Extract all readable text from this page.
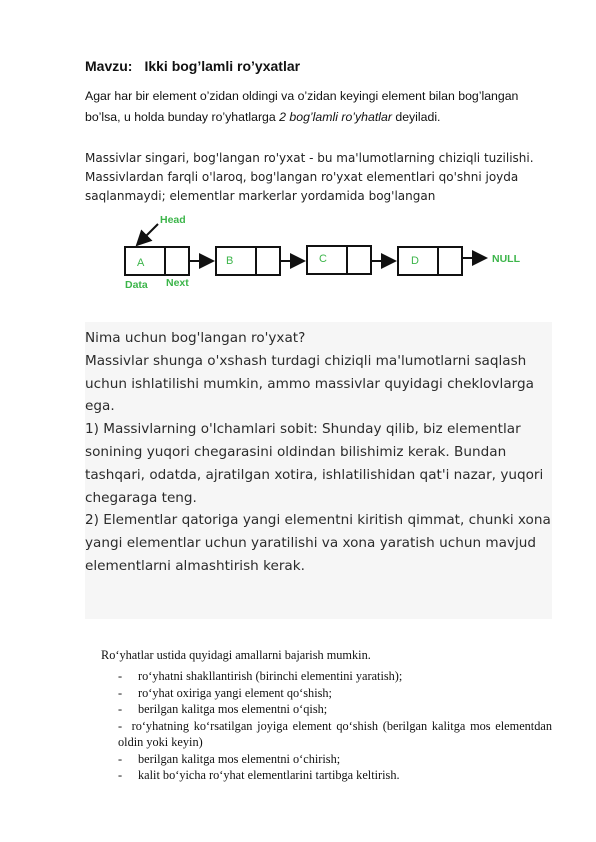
Mavzu: Ikki bog’lamli ro’yxatlar
Agar har bir element o’zidan oldingi va o’zidan keyingi element bilan bog’langan bo’lsa, u holda bunday ro’yhatlarga 2 bog’lamli ro’yhatlar deyiladi.
Massivlar singari, bog'langan ro'yxat - bu ma'lumotlarning chiziqli tuzilishi. Massivlardan farqli o'laroq, bog'langan ro'yxat elementlari qo'shni joyda saqlanmaydi; elementlar markerlar yordamida bog'langan
Head
A	B	C	D	NULL
Data Next

Nima uchun bog'langan ro'yxat?

Massivlar shunga o'xshash turdagi chiziqli ma'lumotlarni saqlash uchun ishlatilishi mumkin, ammo massivlar quyidagi cheklovlarga ega.

1) Massivlarning o'lchamlari sobit: Shunday qilib, biz elementlar sonining yuqori chegarasini oldindan bilishimiz kerak. Bundan tashqari, odatda, ajratilgan xotira, ishlatilishidan qat'i nazar, yuqori chegaraga teng.

2) Elementlar qatoriga yangi elementni kiritish qimmat, chunki xona yangi elementlar uchun yaratilishi va xona yaratish uchun mavjud elementlarni almashtirish kerak.

Ro‘yhatlar ustida quyidagi amallarni bajarish mumkin.
- ro‘yhatni shakllantirish (birinchi elementini yaratish);
- ro‘yhat oxiriga yangi element qo‘shish;
- berilgan kalitga mos elementni o‘qish;
- ro‘yhatning ko‘rsatilgan joyiga element qo‘shish (berilgan kalitga mos elementdan oldin yoki keyin)
- berilgan kalitga mos elementni o‘chirish;
- kalit bo‘yicha ro‘yhat elementlarini tartibga keltirish.
